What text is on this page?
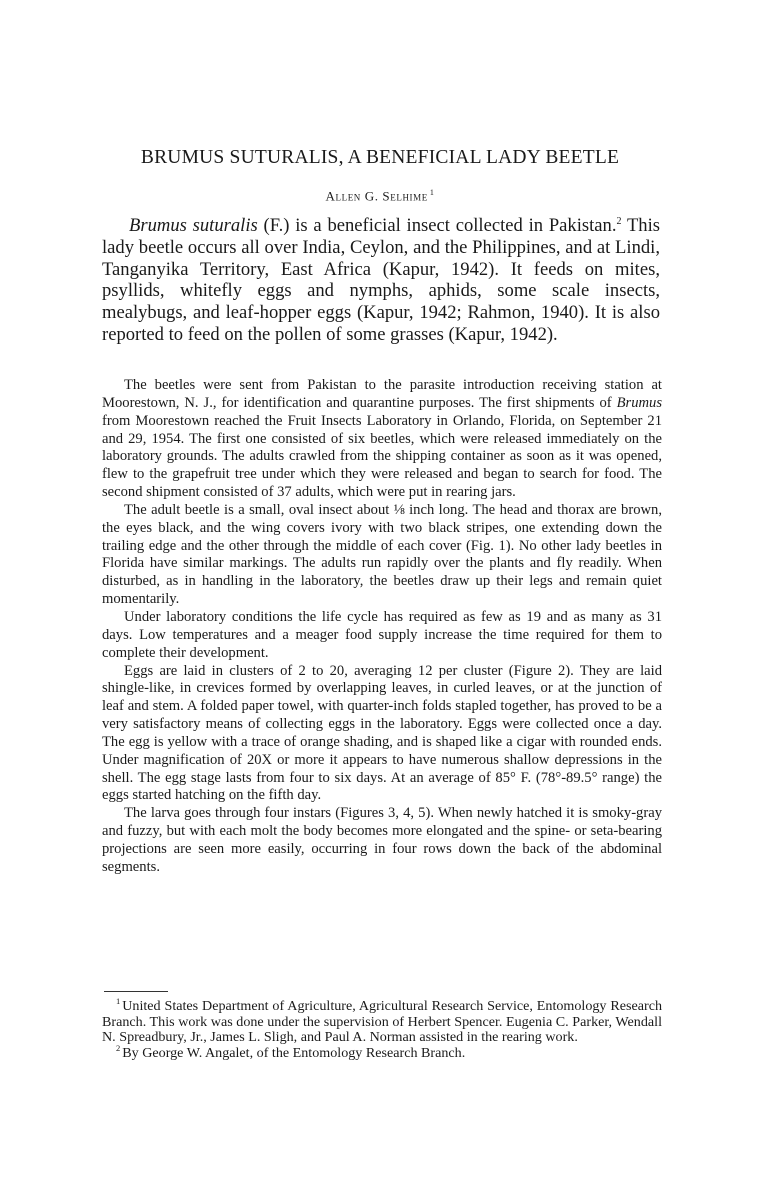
BRUMUS SUTURALIS, A BENEFICIAL LADY BEETLE
Allen G. Selhime $^1$

Brumus suturalis (F.) is a beneficial insect collected in Pakistan.$^2$ This lady beetle occurs all over India, Ceylon, and the Philippines, and at Lindi, Tanganyika Territory, East Africa (Kapur, 1942). It feeds on mites, psyllids, whitefly eggs and nymphs, aphids, some scale insects, mealybugs, and leaf-hopper eggs (Kapur, 1942; Rahmon, 1940). It is also reported to feed on the pollen of some grasses (Kapur, 1942).

The beetles were sent from Pakistan to the parasite introduction receiving station at Moorestown, N. J., for identification and quarantine purposes. The first shipments of Brumus from Moorestown reached the Fruit Insects Laboratory in Orlando, Florida, on September 21 and 29, 1954. The first one consisted of six beetles, which were released immediately on the laboratory grounds. The adults crawled from the shipping container as soon as it was opened, flew to the grapefruit tree under which they were released and began to search for food. The second shipment consisted of 37 adults, which were put in rearing jars.

The adult beetle is a small, oval insect about ⅛ inch long. The head and thorax are brown, the eyes black, and the wing covers ivory with two black stripes, one extending down the trailing edge and the other through the middle of each cover (Fig. 1). No other lady beetles in Florida have similar markings. The adults run rapidly over the plants and fly readily. When disturbed, as in handling in the laboratory, the beetles draw up their legs and remain quiet momentarily.

Under laboratory conditions the life cycle has required as few as 19 and as many as 31 days. Low temperatures and a meager food supply increase the time required for them to complete their development.

Eggs are laid in clusters of 2 to 20, averaging 12 per cluster (Figure 2). They are laid shingle-like, in crevices formed by overlapping leaves, in curled leaves, or at the junction of leaf and stem. A folded paper towel, with quarter-inch folds stapled together, has proved to be a very satisfactory means of collecting eggs in the laboratory. Eggs were collected once a day. The egg is yellow with a trace of orange shading, and is shaped like a cigar with rounded ends. Under magnification of 20X or more it appears to have numerous shallow depressions in the shell. The egg stage lasts from four to six days. At an average of 85° F. (78°-89.5° range) the eggs started hatching on the fifth day.

The larva goes through four instars (Figures 3, 4, 5). When newly hatched it is smoky-gray and fuzzy, but with each molt the body becomes more elongated and the spine- or seta-bearing projections are seen more easily, occurring in four rows down the back of the abdominal segments.

$^1$ United States Department of Agriculture, Agricultural Research Service, Entomology Research Branch. This work was done under the supervision of Herbert Spencer. Eugenia C. Parker, Wendall N. Spreadbury, Jr., James L. Sligh, and Paul A. Norman assisted in the rearing work.

$^2$ By George W. Angalet, of the Entomology Research Branch.
